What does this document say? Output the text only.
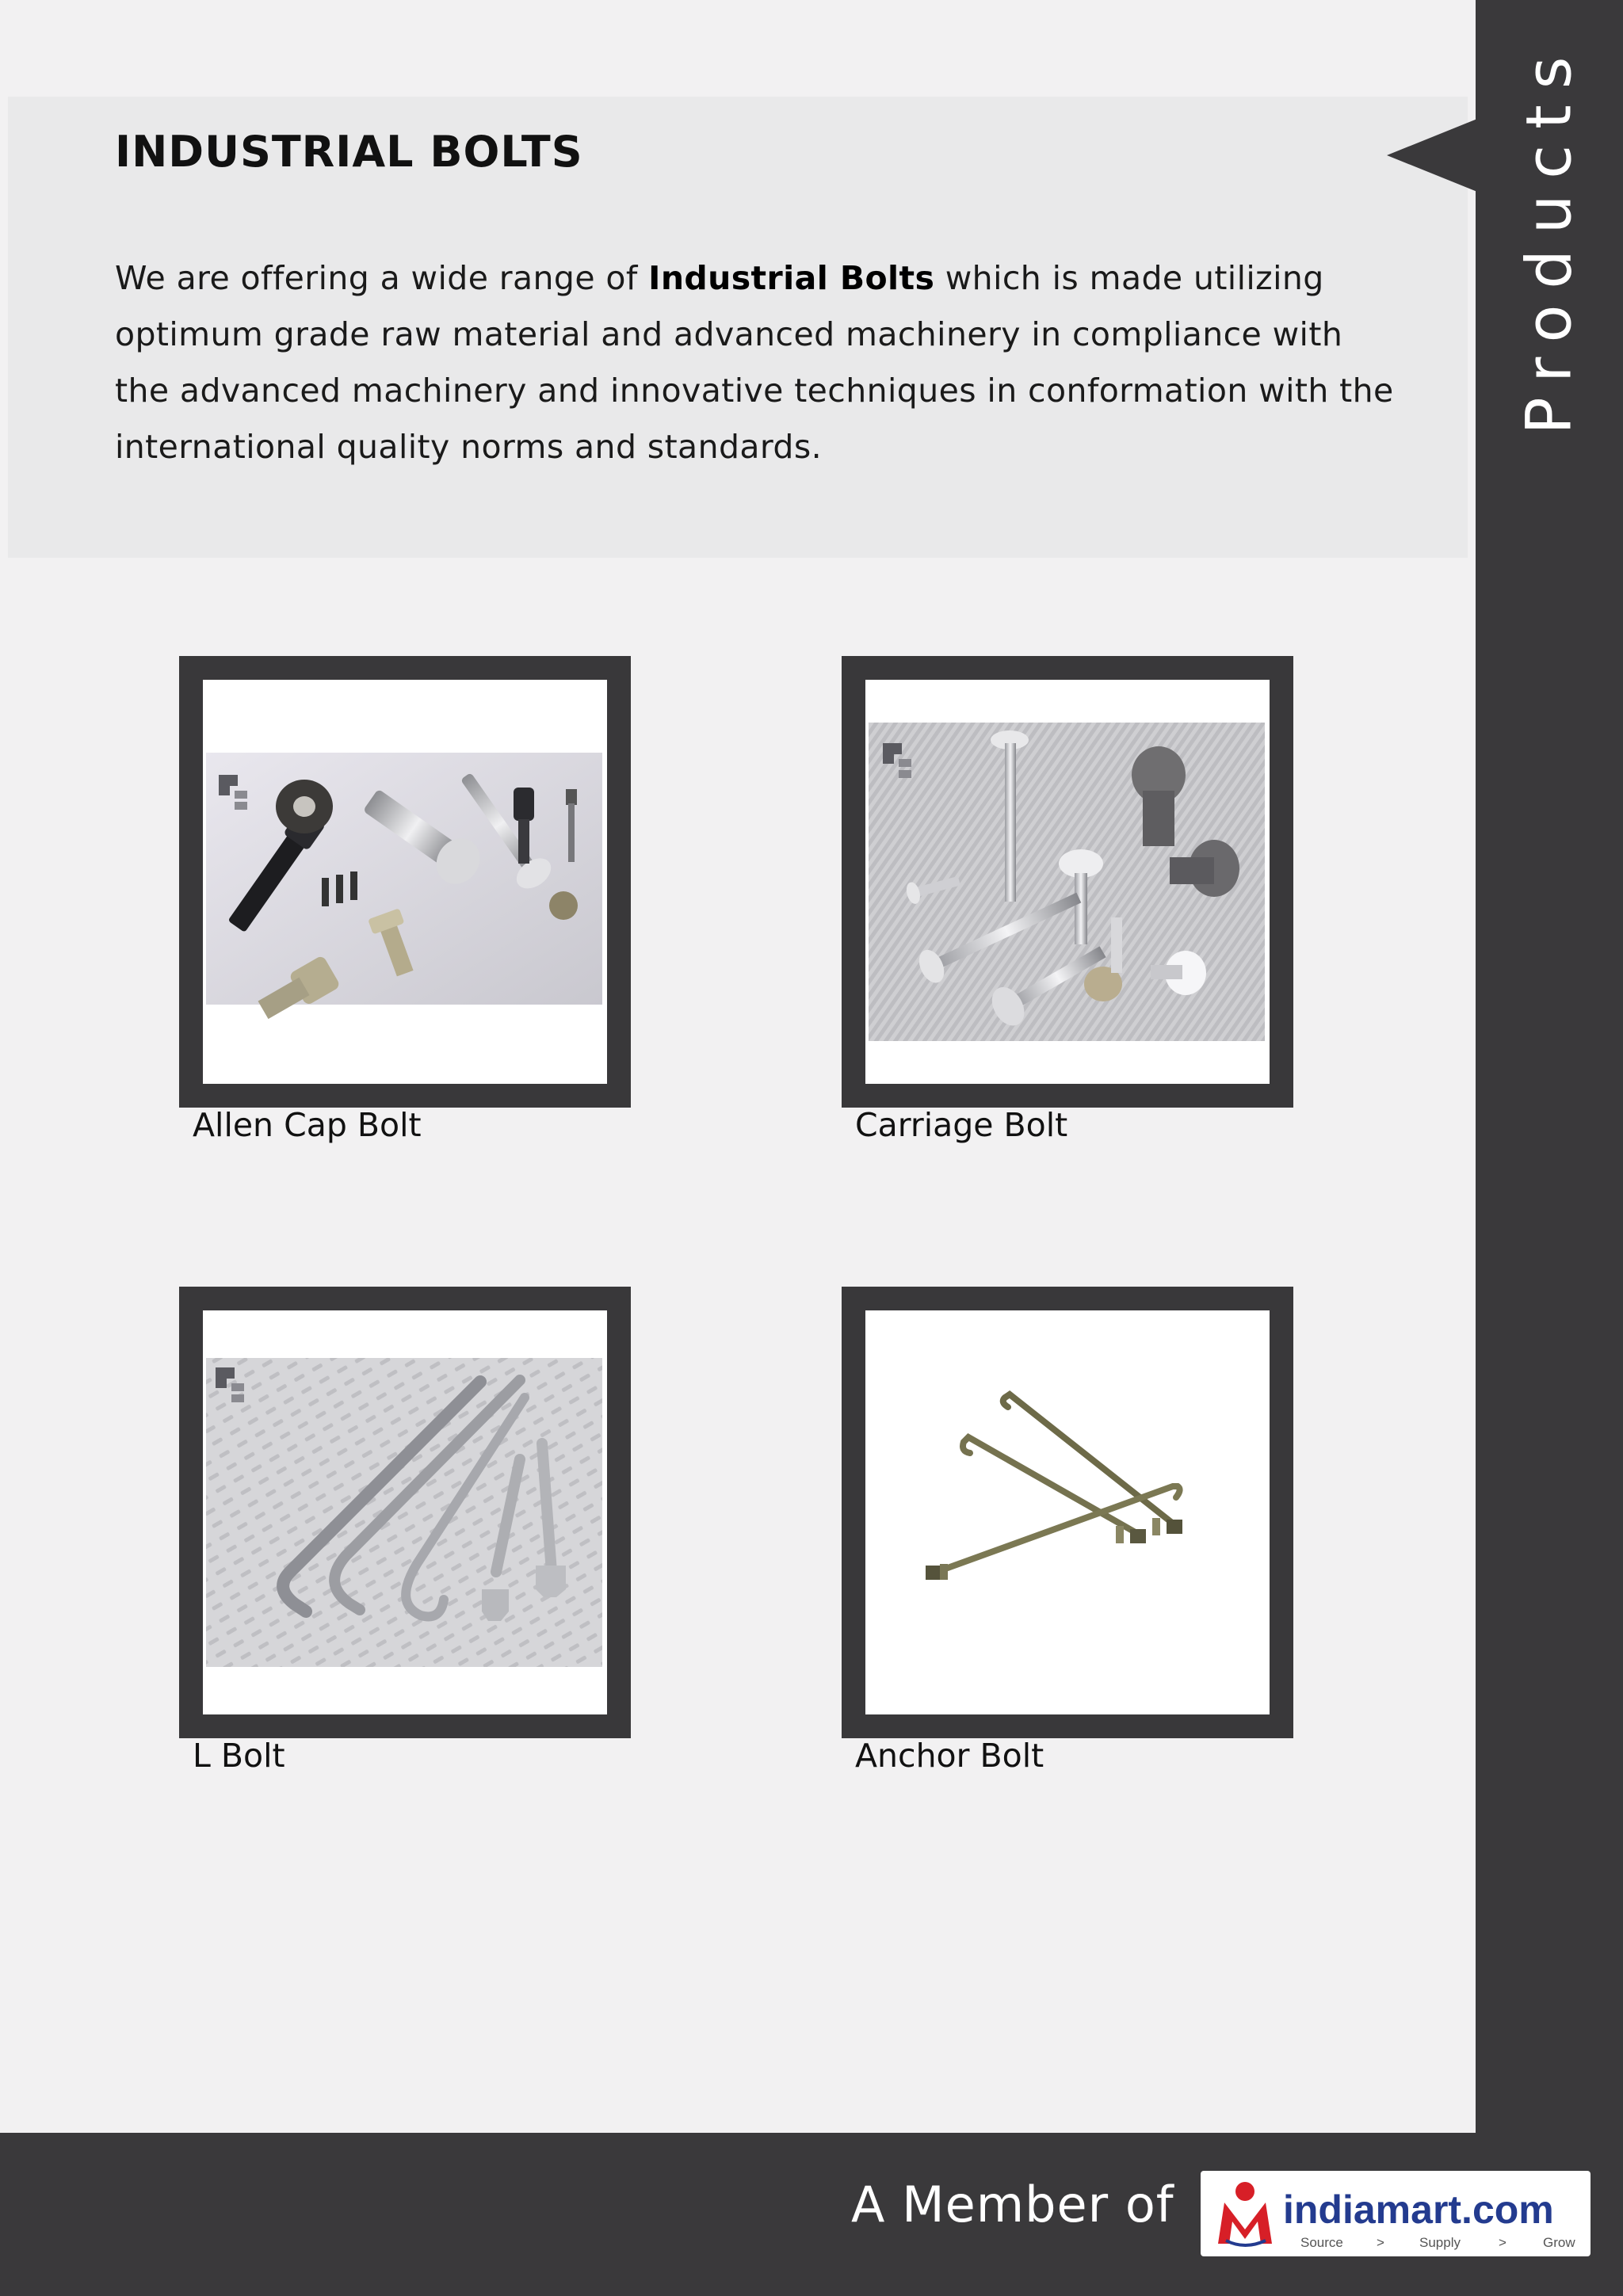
Products
INDUSTRIAL BOLTS

We are offering a wide range of Industrial Bolts which is made utilizing optimum grade raw material and advanced machinery in compliance with the advanced machinery and innovative techniques in conformation with the international quality norms and standards.

Allen Cap Bolt	Carriage Bolt

L Bolt	Anchor Bolt

A Member of	indiamart.com
Source >	Supply	>	Grow
